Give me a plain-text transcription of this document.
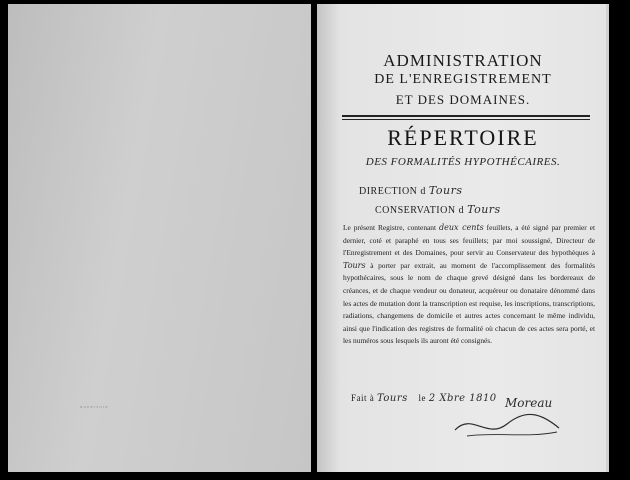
ᵒᵘᵛᵉʳᵗᵘʳᵉ
ADMINISTRATION
DE L'ENREGISTREMENT
ET DES DOMAINES.
RÉPERTOIRE
DES FORMALITÉS HYPOTHÉCAIRES.
DIRECTION d Tours
CONSERVATION d Tours
Le présent Registre, contenant deux cents feuillets, a été signé par premier et dernier, coté et paraphé en tous ses feuillets; par moi soussigné, Directeur de l'Enregistrement et des Domaines, pour servir au Conservateur des hypothèques à Tours à porter par extrait, au moment de l'accomplissement des formalités hypothécaires, sous le nom de chaque grevé désigné dans les bordereaux de créances, et de chaque vendeur ou donateur, acquéreur ou donataire dénommé dans les actes de mutation dont la transcription est requise, les inscriptions, transcriptions, radiations, changemens de domicile et autres actes concernant le même individu, ainsi que l'indication des registres de formalité où chacun de ces actes sera porté, et les numéros sous lesquels ils auront été consignés.
Fait à Tours le 2 Xbre 1810 Moreau
